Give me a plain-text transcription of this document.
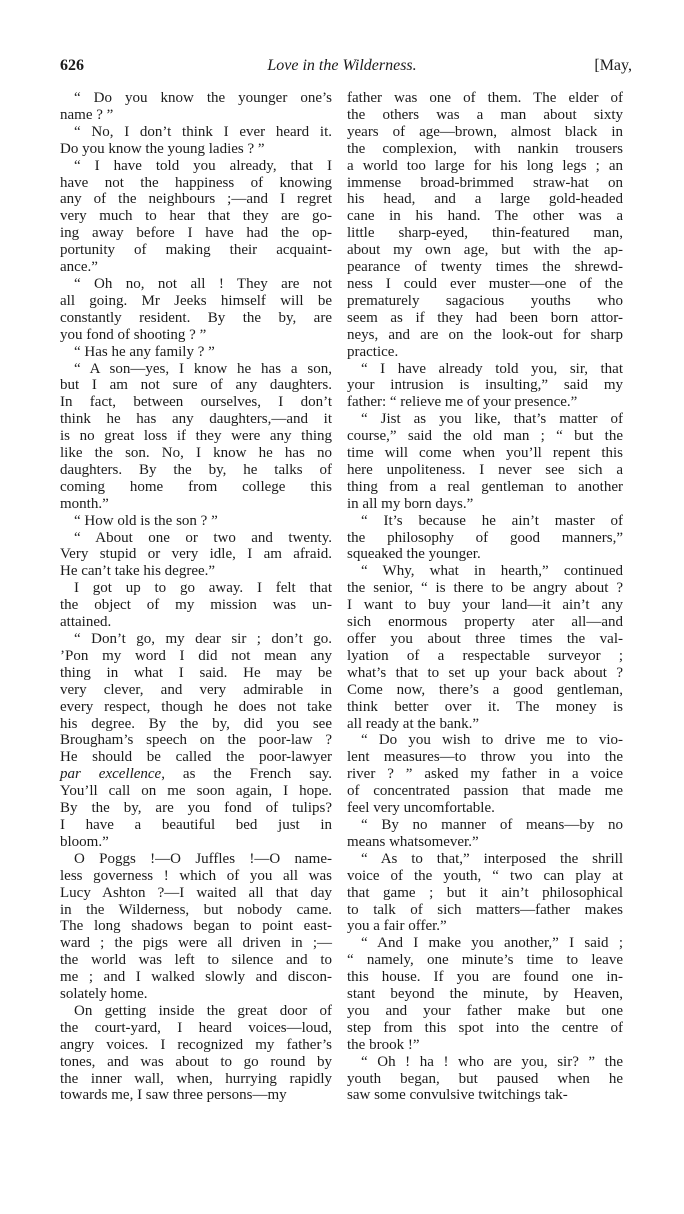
626	Love in the Wilderness.	[May,
“ Do you know the younger one’s
name ? ”
“ No, I don’t think I ever heard it.
Do you know the young ladies ? ”
“ I have told you already, that I
have not the happiness of knowing
any of the neighbours ;—and I regret
very much to hear that they are go-
ing away before I have had the op-
portunity of making their acquaint-
ance.”
“ Oh no, not all ! They are not
all going. Mr Jeeks himself will be
constantly resident. By the by, are
you fond of shooting ? ”
“ Has he any family ? ”
“ A son—yes, I know he has a son,
but I am not sure of any daughters.
In fact, between ourselves, I don’t
think he has any daughters,—and it
is no great loss if they were any thing
like the son. No, I know he has no
daughters. By the by, he talks of
coming home from college this
month.”
“ How old is the son ? ”
“ About one or two and twenty.
Very stupid or very idle, I am afraid.
He can’t take his degree.”
I got up to go away. I felt that
the object of my mission was un-
attained.
“ Don’t go, my dear sir ; don’t go.
’Pon my word I did not mean any
thing in what I said. He may be
very clever, and very admirable in
every respect, though he does not take
his degree. By the by, did you see
Brougham’s speech on the poor-law ?
He should be called the poor-lawyer
par excellence, as the French say.
You’ll call on me soon again, I hope.
By the by, are you fond of tulips?
I have a beautiful bed just in
bloom.”
O Poggs !—O Juffles !—O name-
less governess ! which of you all was
Lucy Ashton ?—I waited all that day
in the Wilderness, but nobody came.
The long shadows began to point east-
ward ; the pigs were all driven in ;—
the world was left to silence and to
me ; and I walked slowly and discon-
solately home.
On getting inside the great door of
the court-yard, I heard voices—loud,
angry voices. I recognized my father’s
tones, and was about to go round by
the inner wall, when, hurrying rapidly
towards me, I saw three persons—my
father was one of them. The elder of
the others was a man about sixty
years of age—brown, almost black in
the complexion, with nankin trousers
a world too large for his long legs ; an
immense broad-brimmed straw-hat on
his head, and a large gold-headed
cane in his hand. The other was a
little sharp-eyed, thin-featured man,
about my own age, but with the ap-
pearance of twenty times the shrewd-
ness I could ever muster—one of the
prematurely sagacious youths who
seem as if they had been born attor-
neys, and are on the look-out for sharp
practice.
“ I have already told you, sir, that
your intrusion is insulting,” said my
father: “ relieve me of your presence.”
“ Jist as you like, that’s matter of
course,” said the old man ; “ but the
time will come when you’ll repent this
here unpoliteness. I never see sich a
thing from a real gentleman to another
in all my born days.”
“ It’s because he ain’t master of
the philosophy of good manners,”
squeaked the younger.
“ Why, what in hearth,” continued
the senior, “ is there to be angry about ?
I want to buy your land—it ain’t any
sich enormous property ater all—and
offer you about three times the val-
lyation of a respectable surveyor ;
what’s that to set up your back about ?
Come now, there’s a good gentleman,
think better over it. The money is
all ready at the bank.”
“ Do you wish to drive me to vio-
lent measures—to throw you into the
river ? ” asked my father in a voice
of concentrated passion that made me
feel very uncomfortable.
“ By no manner of means—by no
means whatsomever.”
“ As to that,” interposed the shrill
voice of the youth, “ two can play at
that game ; but it ain’t philosophical
to talk of sich matters—father makes
you a fair offer.”
“ And I make you another,” I said ;
“ namely, one minute’s time to leave
this house. If you are found one in-
stant beyond the minute, by Heaven,
you and your father make but one
step from this spot into the centre of
the brook !”
“ Oh ! ha ! who are you, sir? ” the
youth began, but paused when he
saw some convulsive twitchings tak-
